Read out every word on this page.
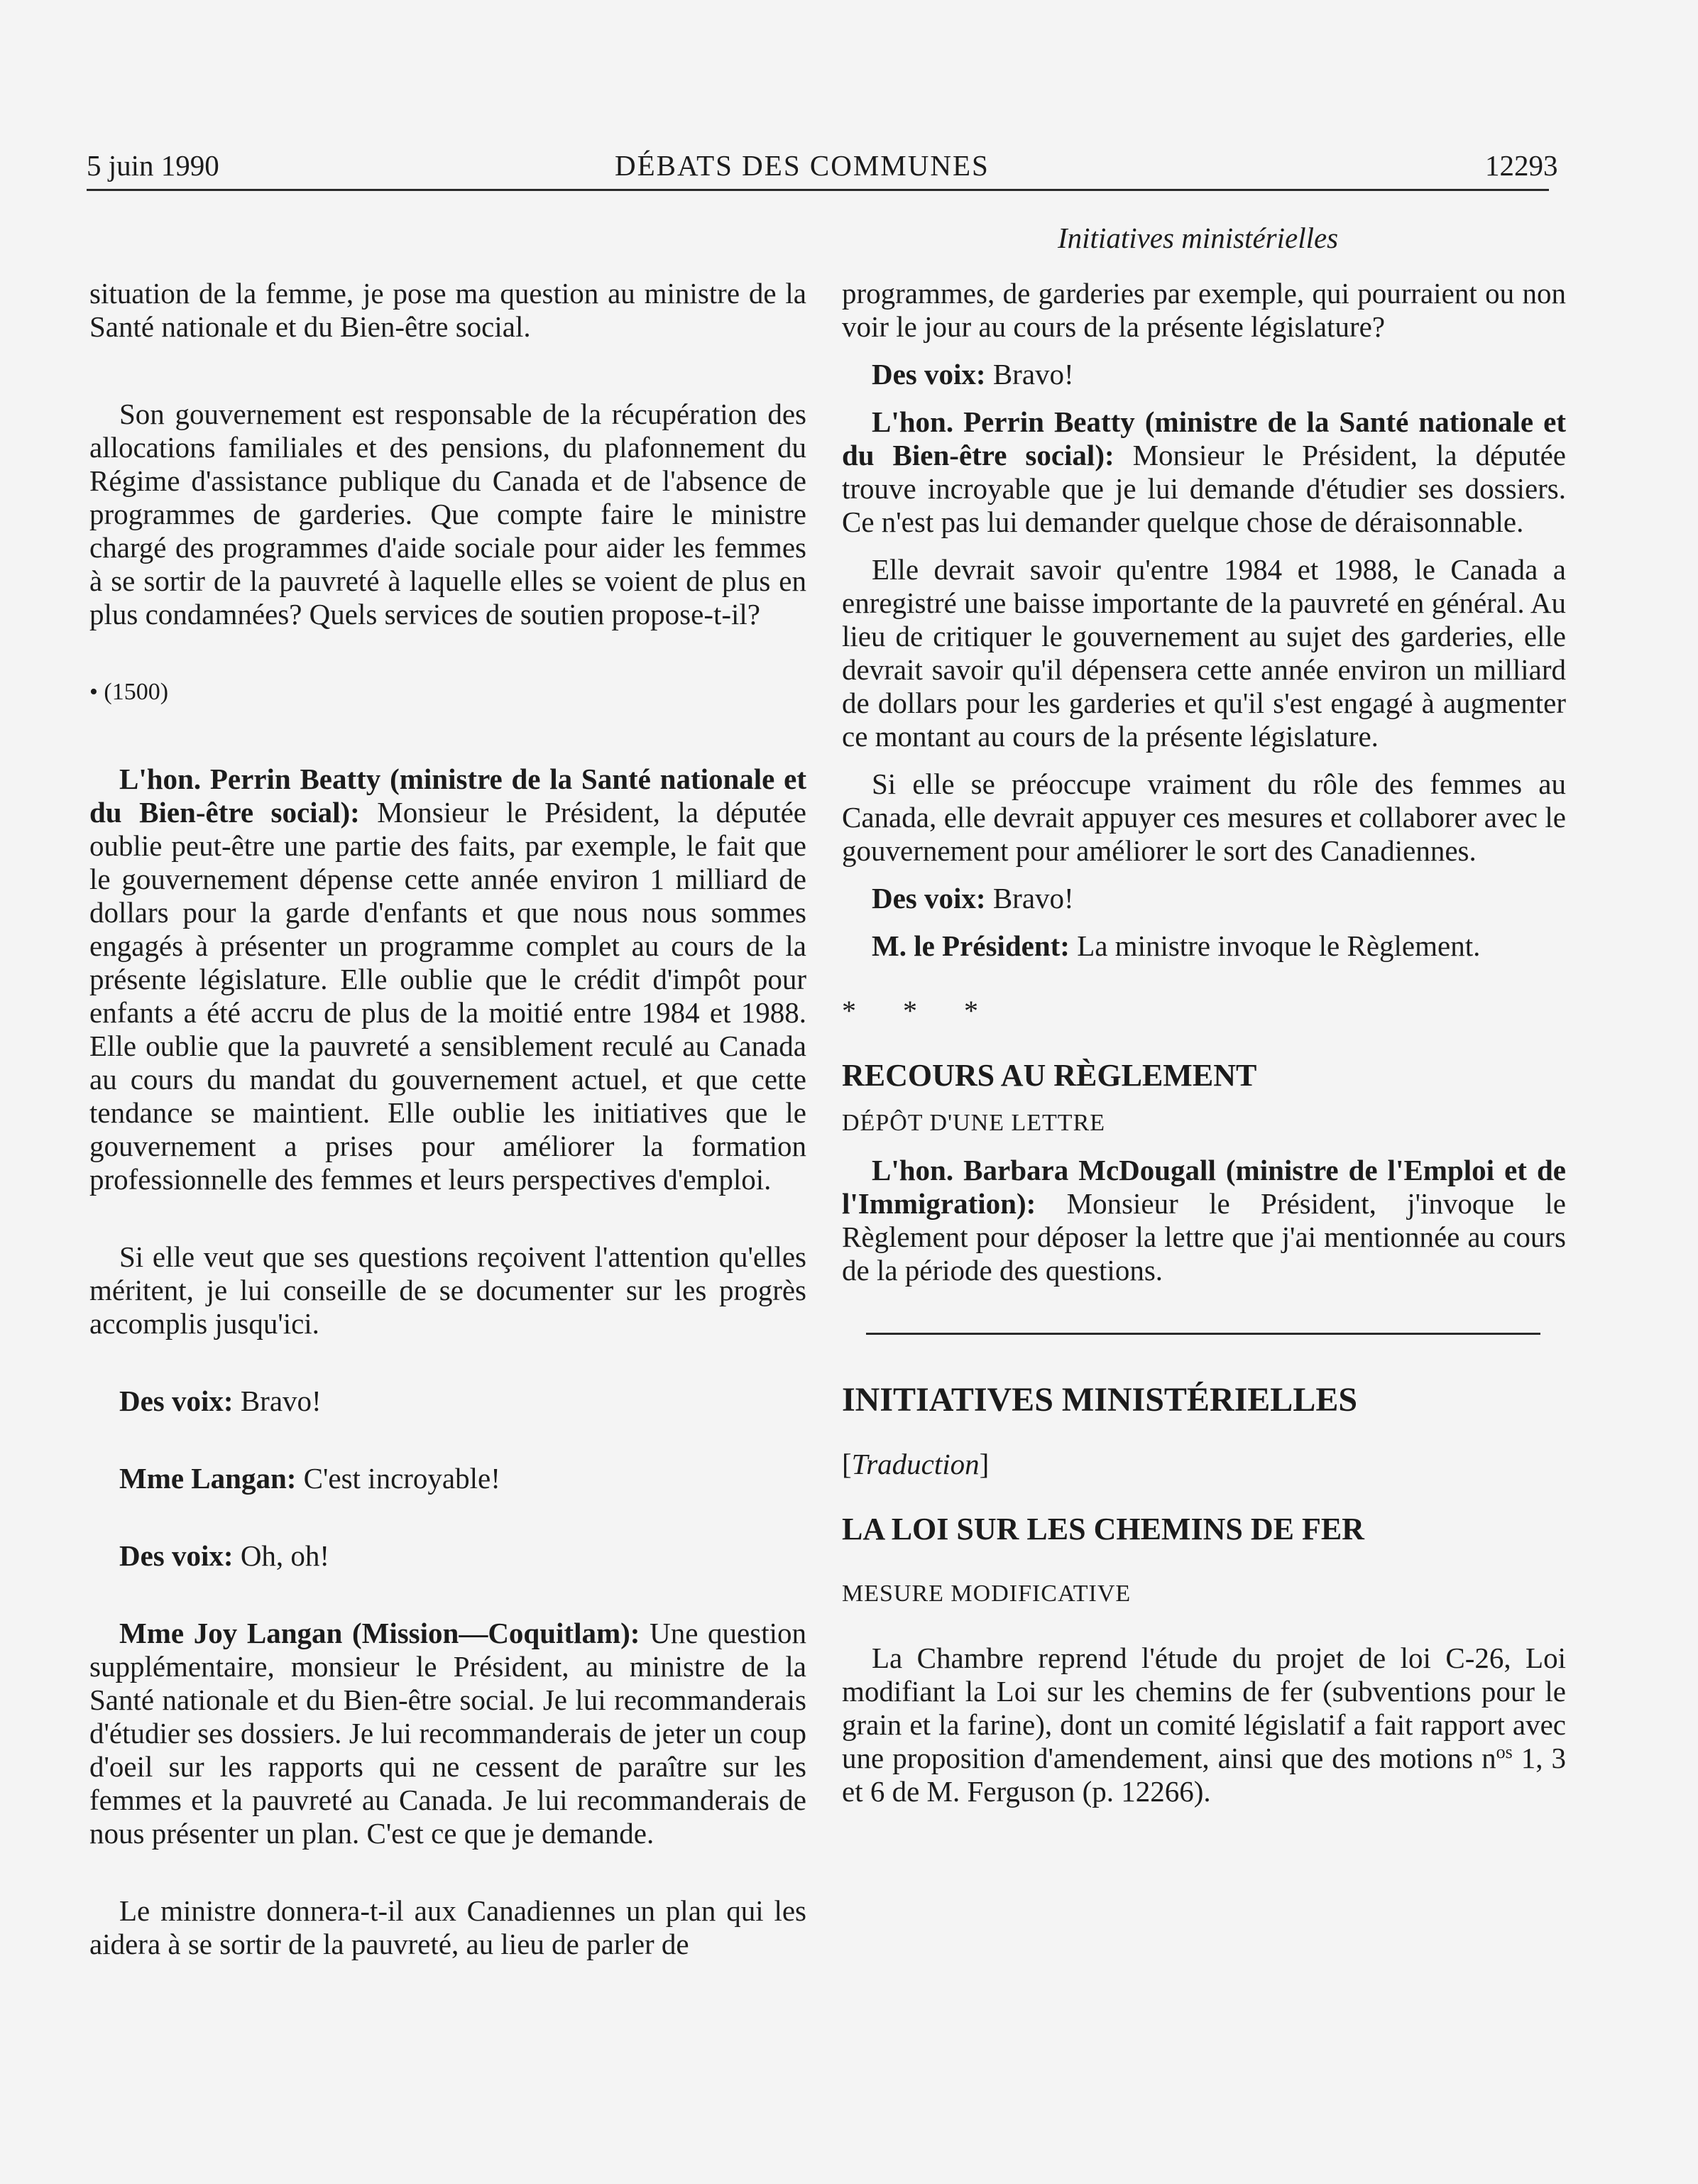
5 juin 1990	DÉBATS DES COMMUNES	12293
Initiatives ministérielles

situation de la femme, je pose ma question au ministre de la Santé nationale et du Bien-être social.

Son gouvernement est responsable de la récupération des allocations familiales et des pensions, du plafonnement du Régime d'assistance publique du Canada et de l'absence de programmes de garderies. Que compte faire le ministre chargé des programmes d'aide sociale pour aider les femmes à se sortir de la pauvreté à laquelle elles se voient de plus en plus condamnées? Quels services de soutien propose-t-il?

• (1500)

L'hon. Perrin Beatty (ministre de la Santé nationale et du Bien-être social): Monsieur le Président, la députée oublie peut-être une partie des faits, par exemple, le fait que le gouvernement dépense cette année environ 1 milliard de dollars pour la garde d'enfants et que nous nous sommes engagés à présenter un programme complet au cours de la présente législature. Elle oublie que le crédit d'impôt pour enfants a été accru de plus de la moitié entre 1984 et 1988. Elle oublie que la pauvreté a sensiblement reculé au Canada au cours du mandat du gouvernement actuel, et que cette tendance se maintient. Elle oublie les initiatives que le gouvernement a prises pour améliorer la formation professionnelle des femmes et leurs perspectives d'emploi.

Si elle veut que ses questions reçoivent l'attention qu'elles méritent, je lui conseille de se documenter sur les progrès accomplis jusqu'ici.

Des voix: Bravo!

Mme Langan: C'est incroyable!

Des voix: Oh, oh!

Mme Joy Langan (Mission—Coquitlam): Une question supplémentaire, monsieur le Président, au ministre de la Santé nationale et du Bien-être social. Je lui recommanderais d'étudier ses dossiers. Je lui recommanderais de jeter un coup d'oeil sur les rapports qui ne cessent de paraître sur les femmes et la pauvreté au Canada. Je lui recommanderais de nous présenter un plan. C'est ce que je demande.

Le ministre donnera-t-il aux Canadiennes un plan qui les aidera à se sortir de la pauvreté, au lieu de parler de

programmes, de garderies par exemple, qui pourraient ou non voir le jour au cours de la présente législature?

Des voix: Bravo!

L'hon. Perrin Beatty (ministre de la Santé nationale et du Bien-être social): Monsieur le Président, la députée trouve incroyable que je lui demande d'étudier ses dossiers. Ce n'est pas lui demander quelque chose de déraisonnable.

Elle devrait savoir qu'entre 1984 et 1988, le Canada a enregistré une baisse importante de la pauvreté en général. Au lieu de critiquer le gouvernement au sujet des garderies, elle devrait savoir qu'il dépensera cette année environ un milliard de dollars pour les garderies et qu'il s'est engagé à augmenter ce montant au cours de la présente législature.

Si elle se préoccupe vraiment du rôle des femmes au Canada, elle devrait appuyer ces mesures et collaborer avec le gouvernement pour améliorer le sort des Canadiennes.

Des voix: Bravo!

M. le Président: La ministre invoque le Règlement.

* * *

RECOURS AU RÈGLEMENT

DÉPÔT D'UNE LETTRE

L'hon. Barbara McDougall (ministre de l'Emploi et de l'Immigration): Monsieur le Président, j'invoque le Règlement pour déposer la lettre que j'ai mentionnée au cours de la période des questions.

INITIATIVES MINISTÉRIELLES

[Traduction]

LA LOI SUR LES CHEMINS DE FER

MESURE MODIFICATIVE

La Chambre reprend l'étude du projet de loi C-26, Loi modifiant la Loi sur les chemins de fer (subventions pour le grain et la farine), dont un comité législatif a fait rapport avec une proposition d'amendement, ainsi que des motions $n^{os}$ 1, 3 et 6 de M. Ferguson (p. 12266).
